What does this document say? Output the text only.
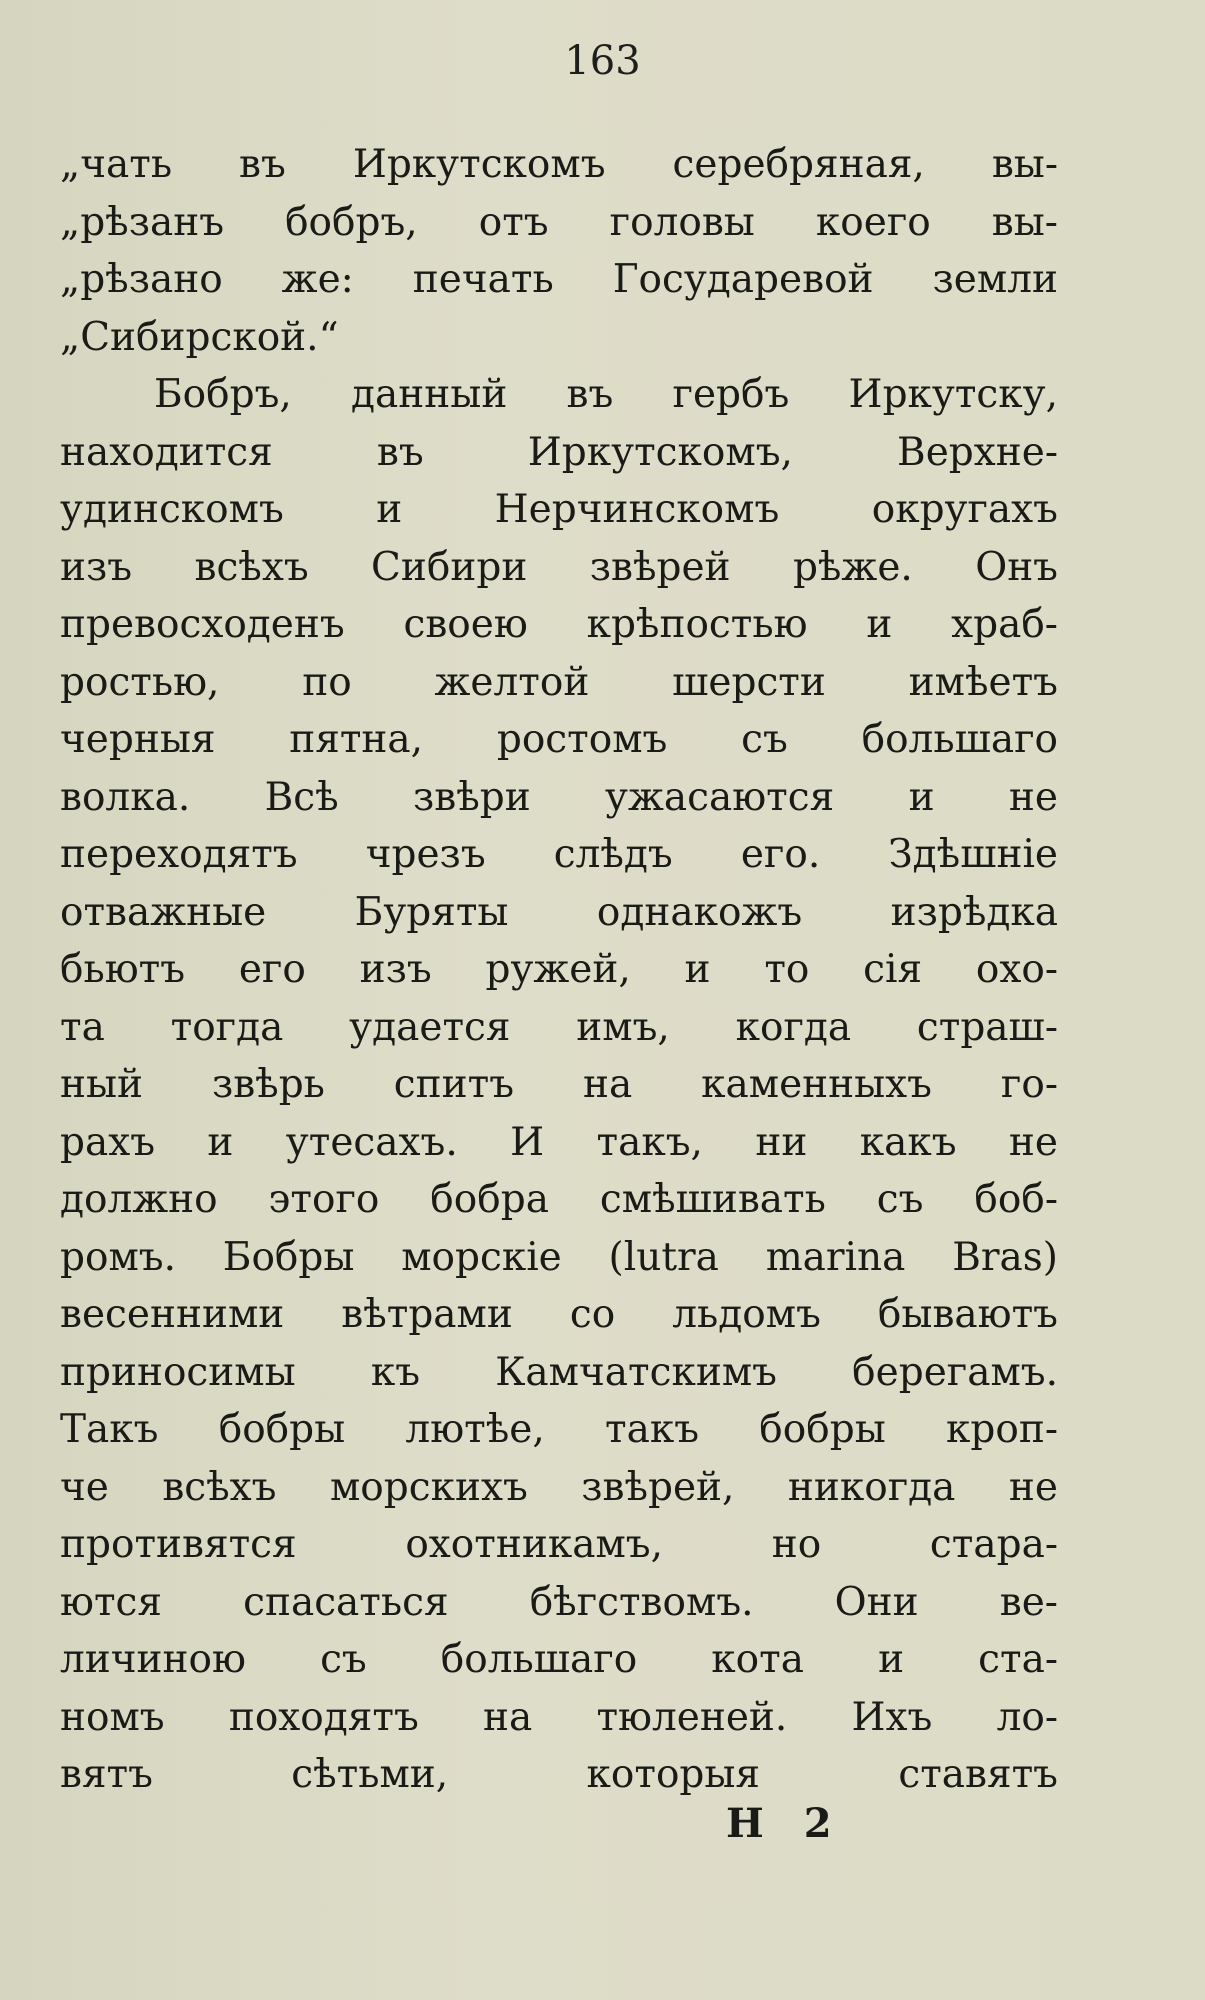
163
„чать въ Иркутскомъ серебряная, вы-
„рѣзанъ бобръ, отъ головы коего вы-
„рѣзано же: печать Государевой земли
„Сибирской.“
Бобръ, данный въ гербъ Иркутску,
находится въ Иркутскомъ, Верхне-
удинскомъ и Нерчинскомъ округахъ
изъ всѣхъ Сибири звѣрей рѣже. Онъ
превосходенъ своею крѣпостью и храб-
ростью, по желтой шерсти имѣетъ
черныя пятна, ростомъ съ большаго
волка. Всѣ звѣри ужасаются и не
переходятъ чрезъ слѣдъ его. Здѣшніе
отважные Буряты однакожъ изрѣдка
бьютъ его изъ ружей, и то сія охо-
та тогда удается имъ, когда страш-
ный звѣрь спитъ на каменныхъ го-
рахъ и утесахъ. И такъ, ни какъ не
должно этого бобра смѣшивать съ боб-
ромъ. Бобры морскіе (lutra marina Bras)
весенними вѣтрами со льдомъ бываютъ
приносимы къ Камчатскимъ берегамъ.
Такъ бобры лютѣе, такъ бобры кроп-
че всѣхъ морскихъ звѣрей, никогда не
противятся охотникамъ, но стара-
ются спасаться бѣгствомъ. Они ве-
личиною съ большаго кота и ста-
номъ походятъ на тюленей. Ихъ ло-
вятъ сѣтьми, которыя ставятъ
Н 2
